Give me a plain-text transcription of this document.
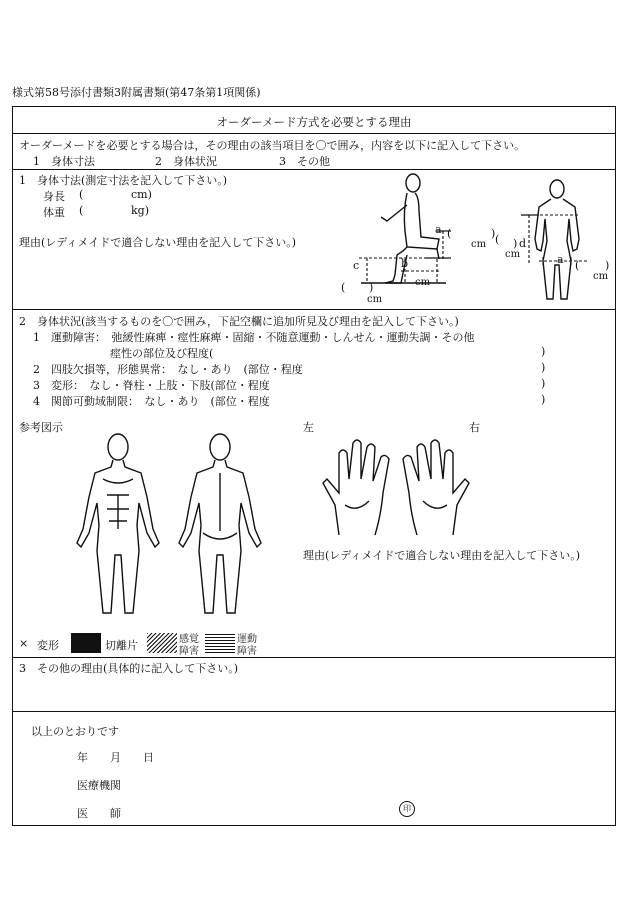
様式第58号添付書類3附属書類(第47条第1項関係)
オーダーメード方式を必要とする理由
オーダーメードを必要とする場合は，その理由の該当項目を〇で囲み，内容を以下に記入して下さい。
1　身体寸法	2　身体状況	3　その他
1　身体寸法(測定寸法を記入して下さい。)
身長 (	cm)
体重 (	kg)
理由(レディメイドで適合しない理由を記入して下さい。)
a (	)
cm
b
c
cm
( )
cm
( ) d
cm	a ( )
cm
2　身体状況(該当するものを〇で囲み，下記空欄に追加所見及び理由を記入して下さい。)
1　運動障害：　弛緩性麻痺・痙性麻痺・固縮・不随意運動・しんせん・運動失調・その他
　　　　　　　痙性の部位及び程度(	)
2　四肢欠損等，形態異常：　なし・あり　(部位・程度	)
3　変形：　なし・脊柱・上肢・下肢(部位・程度	)
4　関節可動域制限：　なし・あり　(部位・程度	)
参考図示	左	右
理由(レディメイドで適合しない理由を記入して下さい。)
× 変形	切離片	感覚
障害
運動
障害
3　その他の理由(具体的に記入して下さい。)
以上のとおりです
年　　月　　日
医療機関
医　　師	印
